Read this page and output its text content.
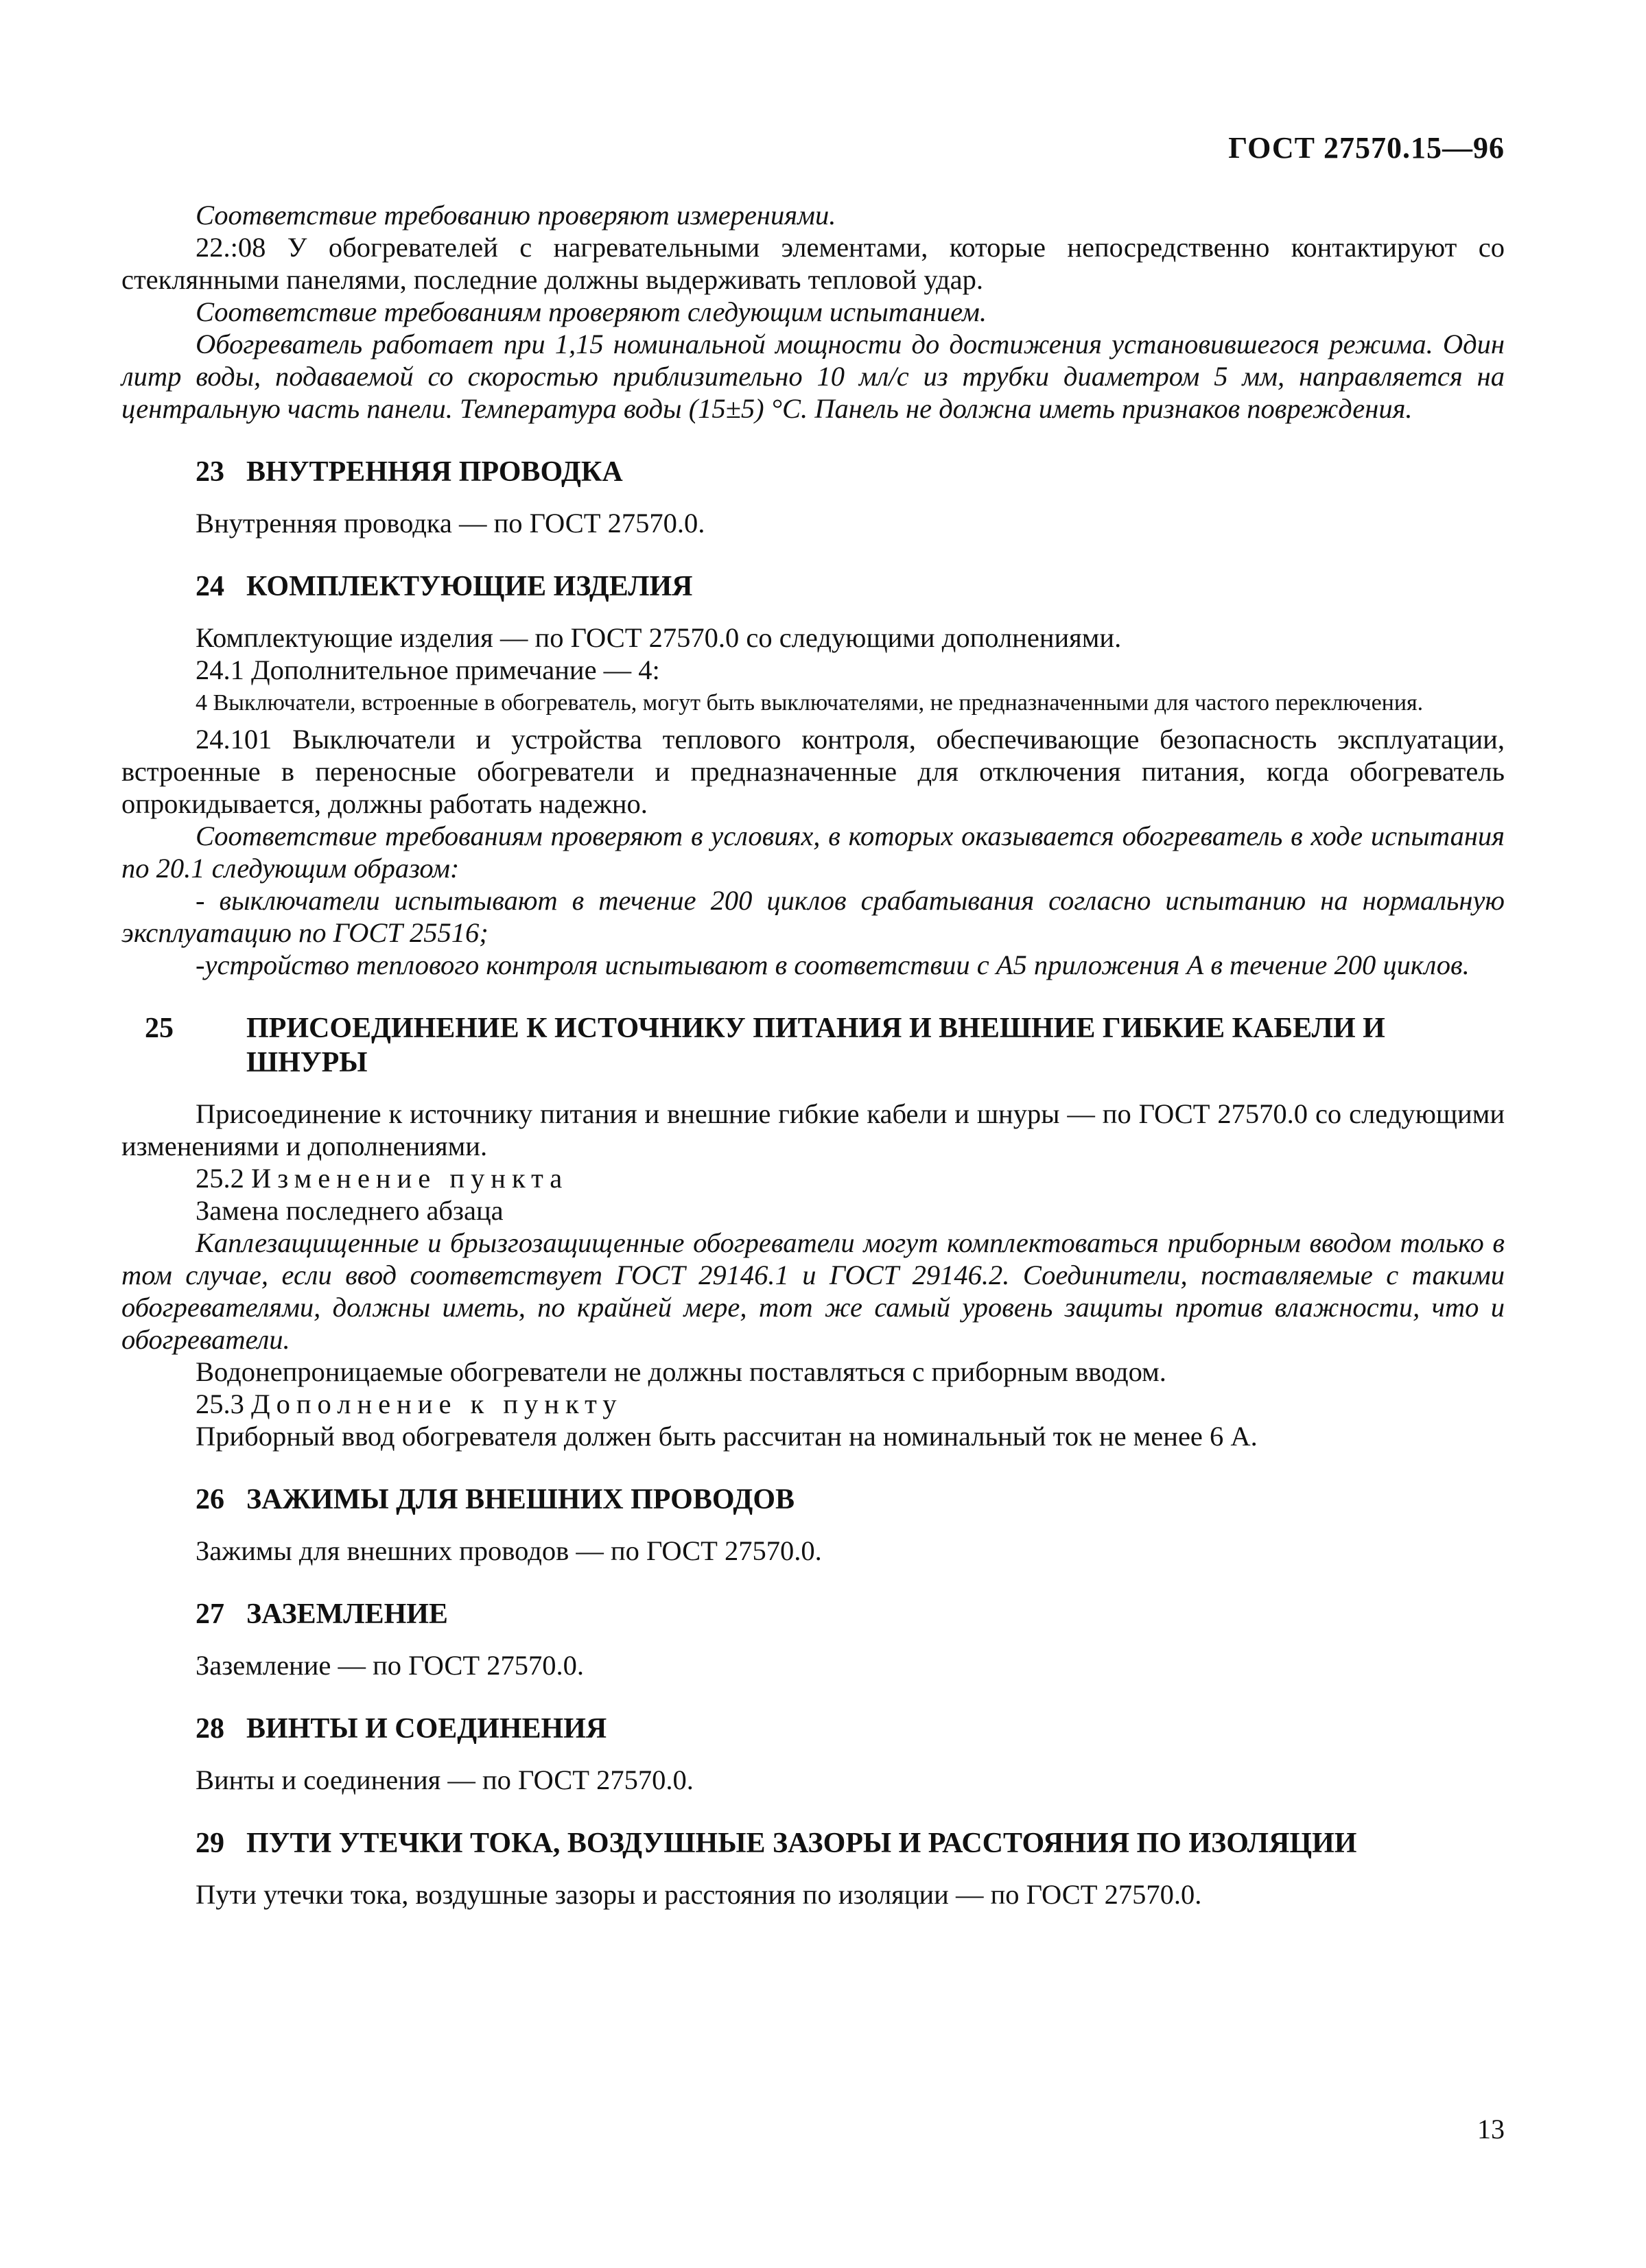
ГОСТ 27570.15—96

Соответствие требованию проверяют измерениями.

22.:08 У обогревателей с нагревательными элементами, которые непосредственно контактируют со стеклянными панелями, последние должны выдерживать тепловой удар.

Соответствие требованиям проверяют следующим испытанием.

Обогреватель работает при 1,15 номинальной мощности до достижения установившегося режима. Один литр воды, подаваемой со скоростью приблизительно 10 мл/с из трубки диаметром 5 мм, направляется на центральную часть панели. Температура воды (15±5) °С. Панель не должна иметь признаков повреждения.

23 ВНУТРЕННЯЯ ПРОВОДКА

Внутренняя проводка — по ГОСТ 27570.0.

24 КОМПЛЕКТУЮЩИЕ ИЗДЕЛИЯ

Комплектующие изделия — по ГОСТ 27570.0 со следующими дополнениями.

24.1 Дополнительное примечание — 4:

4 Выключатели, встроенные в обогреватель, могут быть выключателями, не предназначенными для частого переключения.

24.101 Выключатели и устройства теплового контроля, обеспечивающие безопасность эксплуатации, встроенные в переносные обогреватели и предназначенные для отключения питания, когда обогреватель опрокидывается, должны работать надежно.

Соответствие требованиям проверяют в условиях, в которых оказывается обогреватель в ходе испытания по 20.1 следующим образом:

- выключатели испытывают в течение 200 циклов срабатывания согласно испытанию на нормальную эксплуатацию по ГОСТ 25516;

-устройство теплового контроля испытывают в соответствии с А5 приложения А в течение 200 циклов.

25	ПРИСОЕДИНЕНИЕ К ИСТОЧНИКУ ПИТАНИЯ И ВНЕШНИЕ ГИБКИЕ КАБЕЛИ И ШНУРЫ

Присоединение к источнику питания и внешние гибкие кабели и шнуры — по ГОСТ 27570.0 со следующими изменениями и дополнениями.

25.2 Изменение пункта

Замена последнего абзаца

Каплезащищенные и брызгозащищенные обогреватели могут комплектоваться приборным вводом только в том случае, если ввод соответствует ГОСТ 29146.1 и ГОСТ 29146.2. Соединители, поставляемые с такими обогревателями, должны иметь, по крайней мере, тот же самый уровень защиты против влажности, что и обогреватели.

Водонепроницаемые обогреватели не должны поставляться с приборным вводом.

25.3 Дополнение к пункту

Приборный ввод обогревателя должен быть рассчитан на номинальный ток не менее 6 А.

26 ЗАЖИМЫ ДЛЯ ВНЕШНИХ ПРОВОДОВ

Зажимы для внешних проводов — по ГОСТ 27570.0.

27 ЗАЗЕМЛЕНИЕ

Заземление — по ГОСТ 27570.0.

28 ВИНТЫ И СОЕДИНЕНИЯ

Винты и соединения — по ГОСТ 27570.0.

29 ПУТИ УТЕЧКИ ТОКА, ВОЗДУШНЫЕ ЗАЗОРЫ И РАССТОЯНИЯ ПО ИЗОЛЯЦИИ

Пути утечки тока, воздушные зазоры и расстояния по изоляции — по ГОСТ 27570.0.

13
